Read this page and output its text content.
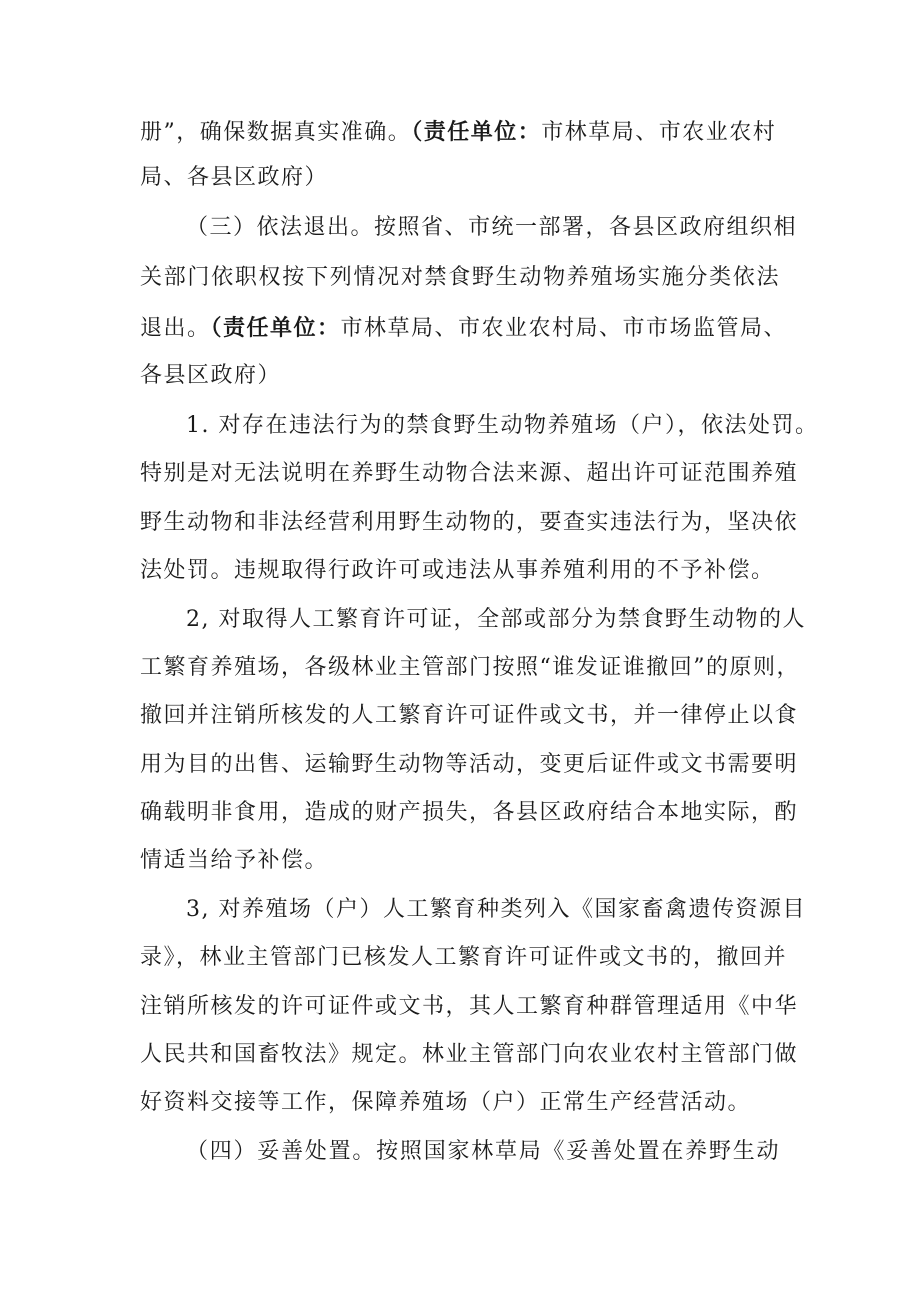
册”，确保数据真实准确。（责任单位：市林草局、市农业农村
局、各县区政府）
（三）依法退出。按照省、市统一部署，各县区政府组织相
关部门依职权按下列情况对禁食野生动物养殖场实施分类依法
退出。（责任单位：市林草局、市农业农村局、市市场监管局、
各县区政府）
1. 对存在违法行为的禁食野生动物养殖场（户），依法处罚。
特别是对无法说明在养野生动物合法来源、超出许可证范围养殖
野生动物和非法经营利用野生动物的，要查实违法行为，坚决依
法处罚。违规取得行政许可或违法从事养殖利用的不予补偿。
2, 对取得人工繁育许可证，全部或部分为禁食野生动物的人
工繁育养殖场，各级林业主管部门按照“谁发证谁撤回”的原则，
撤回并注销所核发的人工繁育许可证件或文书，并一律停止以食
用为目的出售、运输野生动物等活动，变更后证件或文书需要明
确载明非食用，造成的财产损失，各县区政府结合本地实际，酌
情适当给予补偿。
3, 对养殖场（户）人工繁育种类列入《国家畜禽遗传资源目
录》，林业主管部门已核发人工繁育许可证件或文书的，撤回并
注销所核发的许可证件或文书，其人工繁育种群管理适用《中华
人民共和国畜牧法》规定。林业主管部门向农业农村主管部门做
好资料交接等工作，保障养殖场（户）正常生产经营活动。
（四）妥善处置。按照国家林草局《妥善处置在养野生动
